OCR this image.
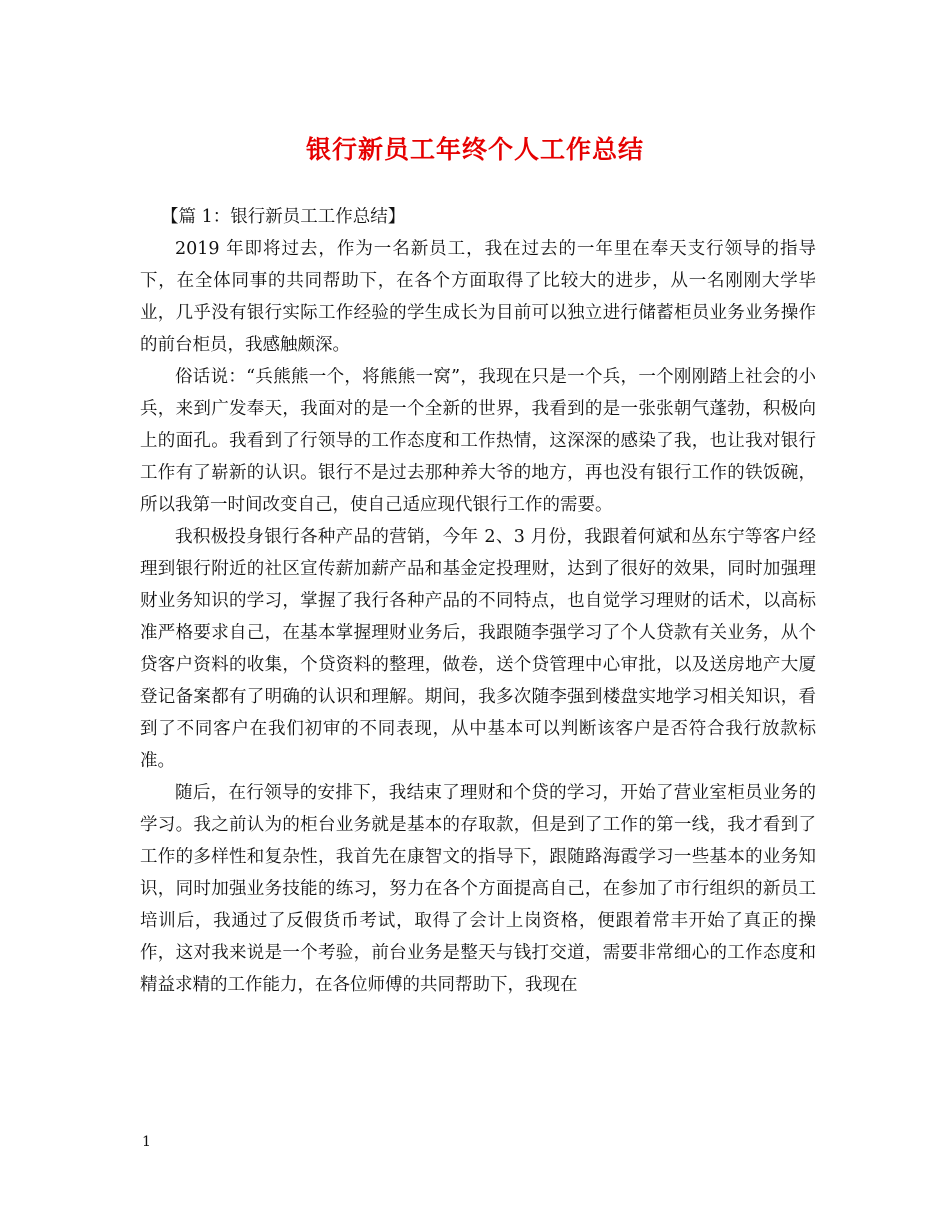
银行新员工年终个人工作总结

【篇 1：银行新员工工作总结】

2019 年即将过去，作为一名新员工，我在过去的一年里在奉天支行领导的指导下，在全体同事的共同帮助下，在各个方面取得了比较大的进步，从一名刚刚大学毕业，几乎没有银行实际工作经验的学生成长为目前可以独立进行储蓄柜员业务业务操作的前台柜员，我感触颇深。

俗话说：“兵熊熊一个，将熊熊一窝”，我现在只是一个兵，一个刚刚踏上社会的小兵，来到广发奉天，我面对的是一个全新的世界，我看到的是一张张朝气蓬勃，积极向上的面孔。我看到了行领导的工作态度和工作热情，这深深的感染了我，也让我对银行工作有了崭新的认识。银行不是过去那种养大爷的地方，再也没有银行工作的铁饭碗，所以我第一时间改变自己，使自己适应现代银行工作的需要。

我积极投身银行各种产品的营销，今年 2、3 月份，我跟着何斌和丛东宁等客户经理到银行附近的社区宣传薪加薪产品和基金定投理财，达到了很好的效果，同时加强理财业务知识的学习，掌握了我行各种产品的不同特点，也自觉学习理财的话术，以高标准严格要求自己，在基本掌握理财业务后，我跟随李强学习了个人贷款有关业务，从个贷客户资料的收集，个贷资料的整理，做卷，送个贷管理中心审批，以及送房地产大厦登记备案都有了明确的认识和理解。期间，我多次随李强到楼盘实地学习相关知识，看到了不同客户在我们初审的不同表现，从中基本可以判断该客户是否符合我行放款标准。

随后，在行领导的安排下，我结束了理财和个贷的学习，开始了营业室柜员业务的学习。我之前认为的柜台业务就是基本的存取款，但是到了工作的第一线，我才看到了工作的多样性和复杂性，我首先在康智文的指导下，跟随路海霞学习一些基本的业务知识，同时加强业务技能的练习，努力在各个方面提高自己，在参加了市行组织的新员工培训后，我通过了反假货币考试，取得了会计上岗资格，便跟着常丰开始了真正的操作，这对我来说是一个考验，前台业务是整天与钱打交道，需要非常细心的工作态度和精益求精的工作能力，在各位师傅的共同帮助下，我现在

1
